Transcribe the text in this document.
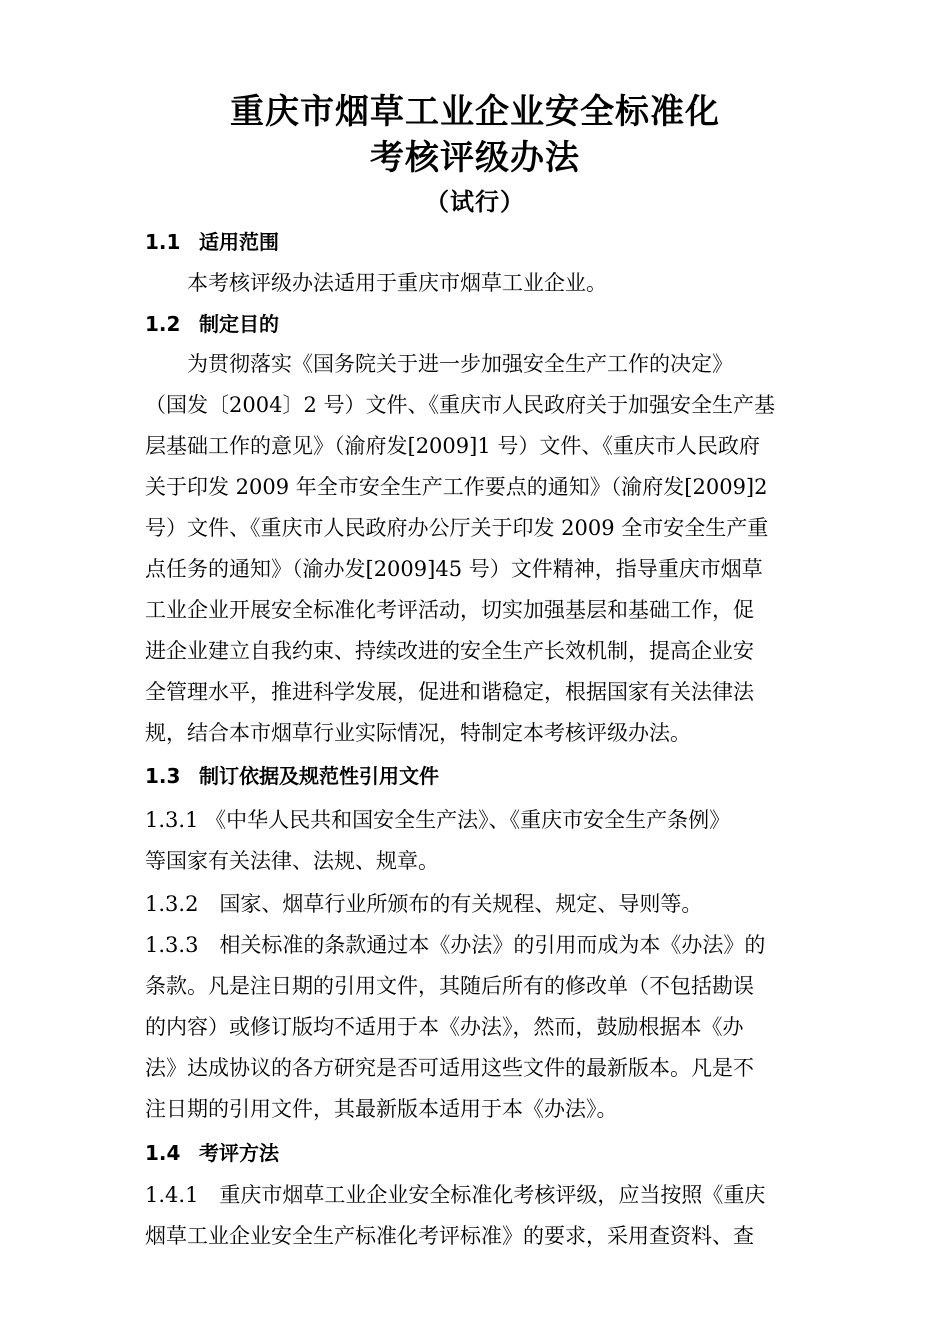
重庆市烟草工业企业安全标准化
考核评级办法
（试行）
1.1 适用范围
本考核评级办法适用于重庆市烟草工业企业。
1.2 制定目的
为贯彻落实《国务院关于进一步加强安全生产工作的决定》
（国发〔2004〕2 号）文件、《重庆市人民政府关于加强安全生产基
层基础工作的意见》（渝府发[2009]1 号）文件、《重庆市人民政府
关于印发 2009 年全市安全生产工作要点的通知》（渝府发[2009]2
号）文件、《重庆市人民政府办公厅关于印发 2009 全市安全生产重
点任务的通知》（渝办发[2009]45 号）文件精神，指导重庆市烟草
工业企业开展安全标准化考评活动，切实加强基层和基础工作，促
进企业建立自我约束、持续改进的安全生产长效机制，提高企业安
全管理水平，推进科学发展，促进和谐稳定，根据国家有关法律法
规，结合本市烟草行业实际情况，特制定本考核评级办法。
1.3 制订依据及规范性引用文件
1.3.1 《中华人民共和国安全生产法》、《重庆市安全生产条例》
等国家有关法律、法规、规章。
1.3.2　国家、烟草行业所颁布的有关规程、规定、导则等。
1.3.3　相关标准的条款通过本《办法》的引用而成为本《办法》的
条款。凡是注日期的引用文件，其随后所有的修改单（不包括勘误
的内容）或修订版均不适用于本《办法》，然而，鼓励根据本《办
法》达成协议的各方研究是否可适用这些文件的最新版本。凡是不
注日期的引用文件，其最新版本适用于本《办法》。
1.4 考评方法
1.4.1　重庆市烟草工业企业安全标准化考核评级，应当按照《重庆
烟草工业企业安全生产标准化考评标准》的要求，采用查资料、查
